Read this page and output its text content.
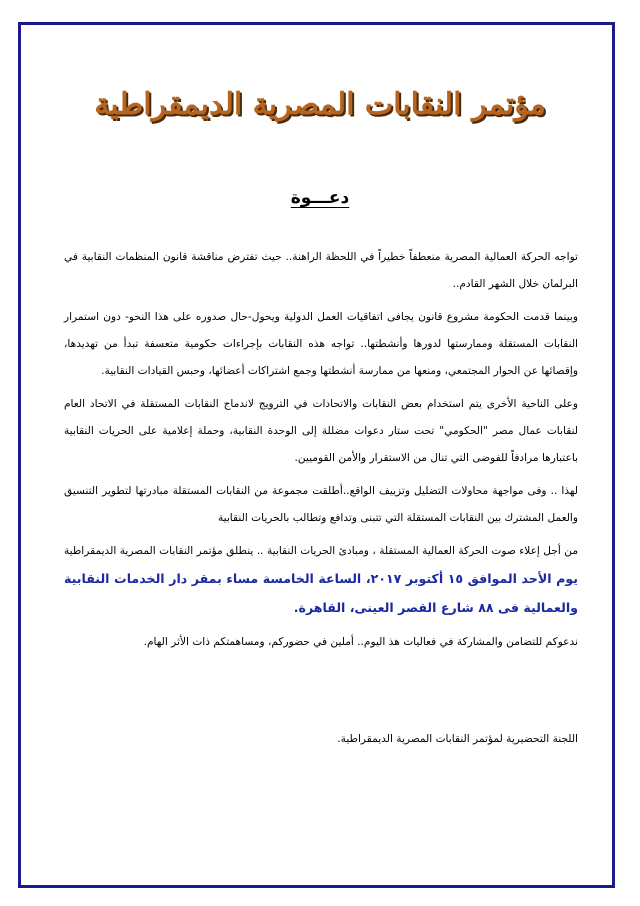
مؤتمر النقابات المصرية الديمقراطية
دعـــوة

تواجه الحركة العمالية المصرية منعطفاً خطيراً في اللحظة الراهنة.. حيث تفترض مناقشة قانون المنظمات النقابية في البرلمان خلال الشهر القادم..

وبينما قدمت الحكومة مشروع قانون يجافى اتفاقيات العمل الدولية ويحول-حال صدوره على هذا النحو- دون استمرار النقابات المستقلة وممارستها لدورها وأنشطتها.. تواجه هذه النقابات بإجراءات حكومية متعسفة تبدأ من تهديدها، وإقصائها عن الحوار المجتمعي، ومنعها من ممارسة أنشطتها وجمع اشتراكات أعضائها، وحبس القيادات النقابية.

وعلى الناحية الأخرى يتم استخدام بعض النقابات والاتحادات في الترويج لاندماج النقابات المستقلة في الاتحاد العام لنقابات عمال مصر "الحكومي" تحت ستار دعوات مضللة إلى الوحدة النقابية، وحملة إعلامية على الحريات النقابية باعتبارها مرادفاً للفوضى التي تنال من الاستقرار والأمن القوميين.

لهذا .. وفى مواجهة محاولات التضليل وتزييف الواقع..أطلقت مجموعة من النقابات المستقلة مبادرتها لتطوير التنسيق والعمل المشترك بين النقابات المستقلة التي تتبنى وتدافع وتطالب بالحريات النقابية

من أجل إعلاء صوت الحركة العمالية المستقلة ، ومبادئ الحريات النقابية .. ينطلق مؤتمر النقابات المصرية الديمقراطية يوم الأحد الموافق ١٥ أكتوبر ٢٠١٧، الساعة الخامسة مساء بمقر دار الخدمات النقابية والعمالية فى ٨٨ شارع القصر العينى، القاهرة.

ندعوكم للتضامن والمشاركة في فعاليات هذ اليوم.. أملين في حضوركم، ومساهمتكم ذات الأثر الهام.

اللجنة التحضيرية لمؤتمر النقابات المصرية الديمقراطية.
